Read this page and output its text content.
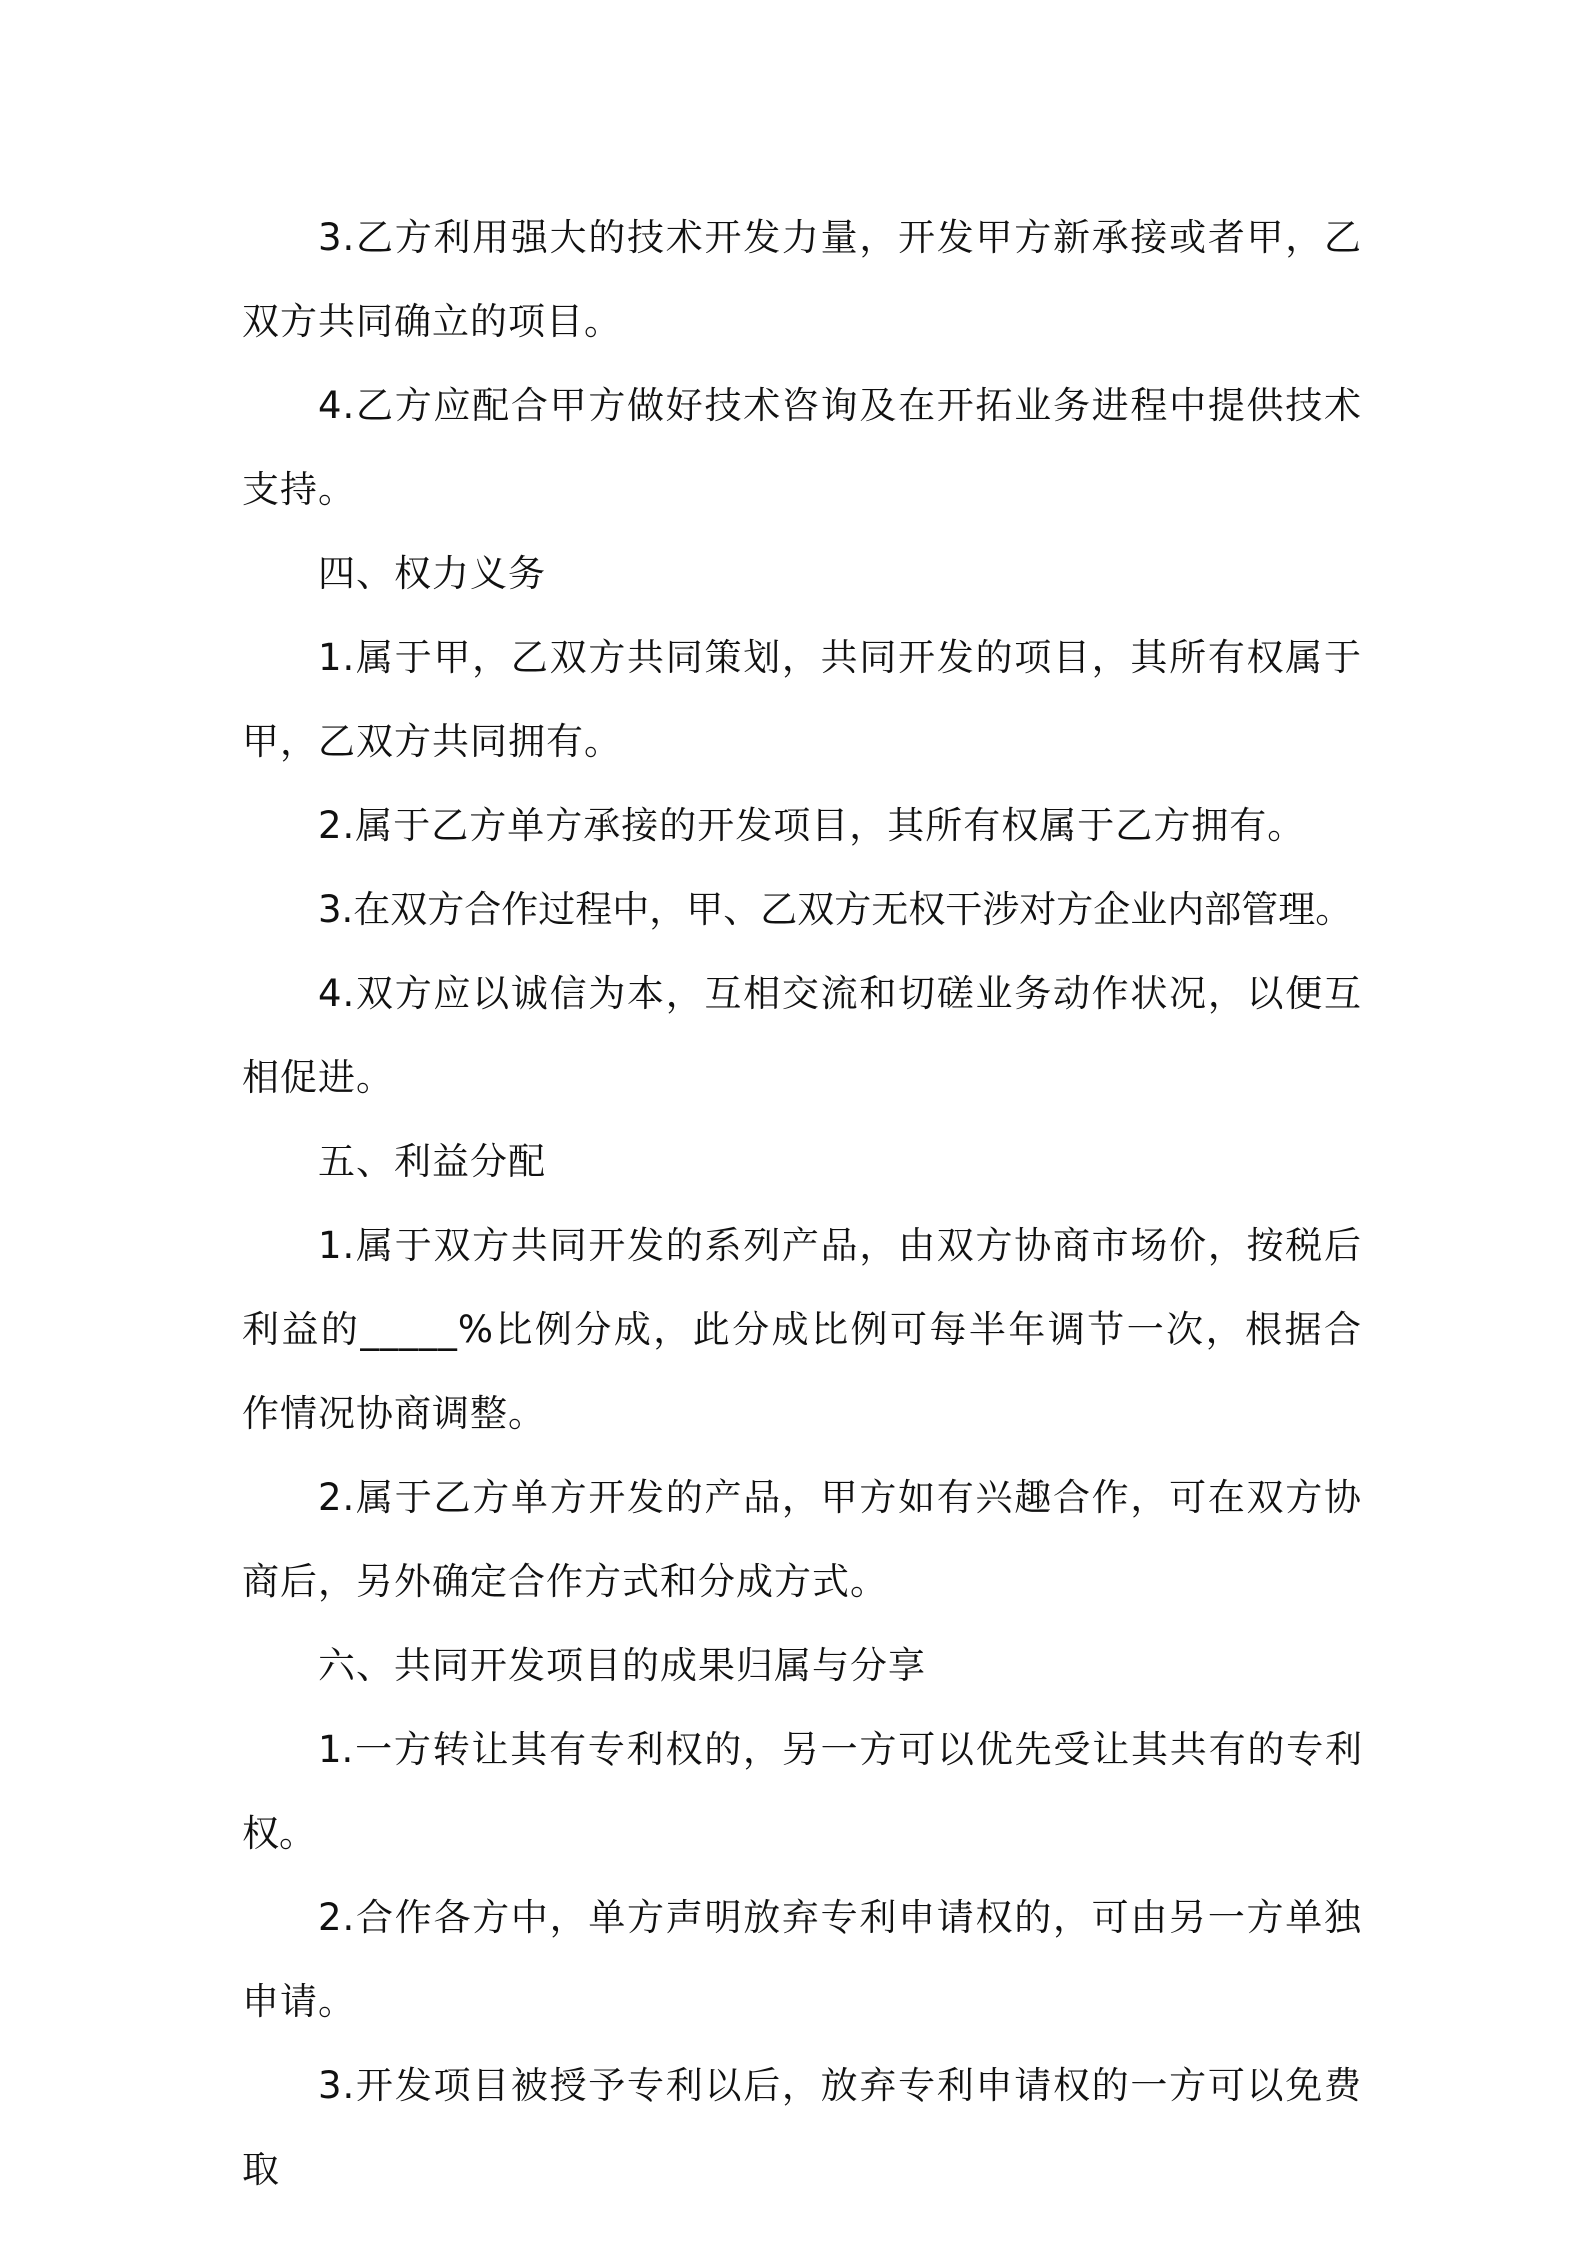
3.乙方利用强大的技术开发力量，开发甲方新承接或者甲，乙双方共同确立的项目。

4.乙方应配合甲方做好技术咨询及在开拓业务进程中提供技术支持。

四、权力义务

1.属于甲，乙双方共同策划，共同开发的项目，其所有权属于甲，乙双方共同拥有。

2.属于乙方单方承接的开发项目，其所有权属于乙方拥有。

3.在双方合作过程中，甲、乙双方无权干涉对方企业内部管理。

4.双方应以诚信为本，互相交流和切磋业务动作状况，以便互相促进。

五、利益分配

1.属于双方共同开发的系列产品，由双方协商市场价，按税后利益的_____%比例分成，此分成比例可每半年调节一次，根据合作情况协商调整。

2.属于乙方单方开发的产品，甲方如有兴趣合作，可在双方协商后，另外确定合作方式和分成方式。

六、共同开发项目的成果归属与分享

1.一方转让其有专利权的，另一方可以优先受让其共有的专利权。

2.合作各方中，单方声明放弃专利申请权的，可由另一方单独申请。

3.开发项目被授予专利以后，放弃专利申请权的一方可以免费取
